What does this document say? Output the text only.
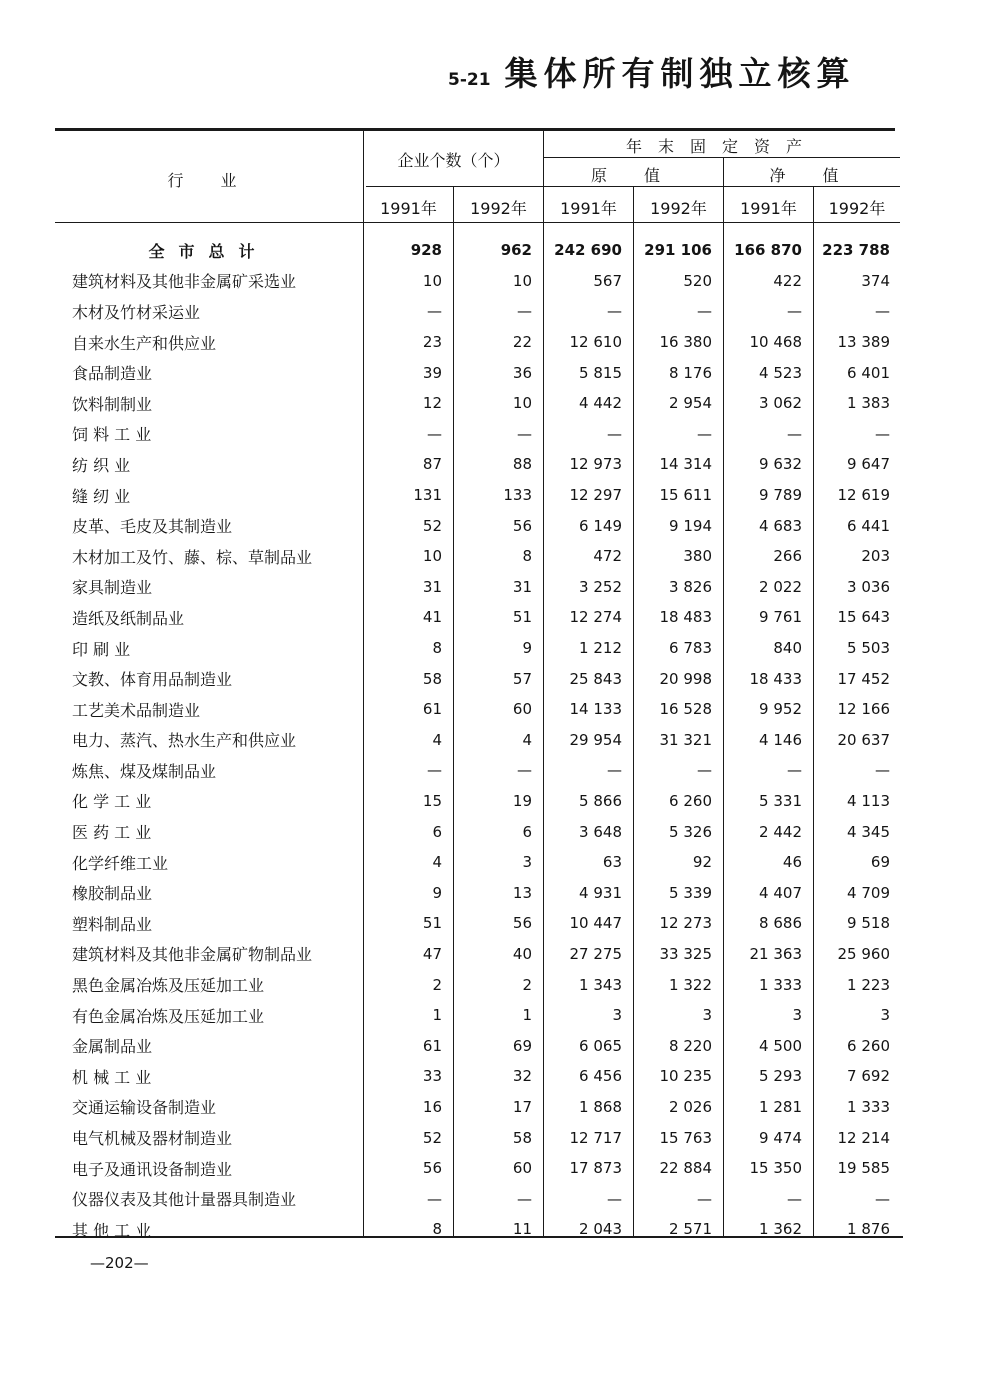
5-21 集体所有制独立核算
行 业
企业个数（个）
年末固定资产
原 值	净 值
1991年	1992年	1991年	1992年	1991年	1992年
全市总计	928	962	242 690	291 106	166 870	223 788
建筑材料及其他非金属矿采选业	10	10	567	520	422	374
木材及竹材采运业	—	—	—	—	—	—
自来水生产和供应业	23	22	12 610	16 380	10 468	13 389
食品制造业	39	36	5 815	8 176	4 523	6 401
饮料制制业	12	10	4 442	2 954	3 062	1 383
饲 料 工 业	—	—	—	—	—	—
纺 织 业	87	88	12 973	14 314	9 632	9 647
缝 纫 业	131	133	12 297	15 611	9 789	12 619
皮革、毛皮及其制造业	52	56	6 149	9 194	4 683	6 441
木材加工及竹、藤、棕、草制品业	10	8	472	380	266	203
家具制造业	31	31	3 252	3 826	2 022	3 036
造纸及纸制品业	41	51	12 274	18 483	9 761	15 643
印 刷 业	8	9	1 212	6 783	840	5 503
文教、体育用品制造业	58	57	25 843	20 998	18 433	17 452
工艺美术品制造业	61	60	14 133	16 528	9 952	12 166
电力、蒸汽、热水生产和供应业	4	4	29 954	31 321	4 146	20 637
炼焦、煤及煤制品业	—	—	—	—	—	—
化 学 工 业	15	19	5 866	6 260	5 331	4 113
医 药 工 业	6	6	3 648	5 326	2 442	4 345
化学纤维工业	4	3	63	92	46	69
橡胶制品业	9	13	4 931	5 339	4 407	4 709
塑料制品业	51	56	10 447	12 273	8 686	9 518
建筑材料及其他非金属矿物制品业	47	40	27 275	33 325	21 363	25 960
黑色金属冶炼及压延加工业	2	2	1 343	1 322	1 333	1 223
有色金属冶炼及压延加工业	1	1	3	3	3	3
金属制品业	61	69	6 065	8 220	4 500	6 260
机 械 工 业	33	32	6 456	10 235	5 293	7 692
交通运输设备制造业	16	17	1 868	2 026	1 281	1 333
电气机械及器材制造业	52	58	12 717	15 763	9 474	12 214
电子及通讯设备制造业	56	60	17 873	22 884	15 350	19 585
仪器仪表及其他计量器具制造业	—	—	—	—	—	—
其 他 工 业	8	11	2 043	2 571	1 362	1 876
—202—
